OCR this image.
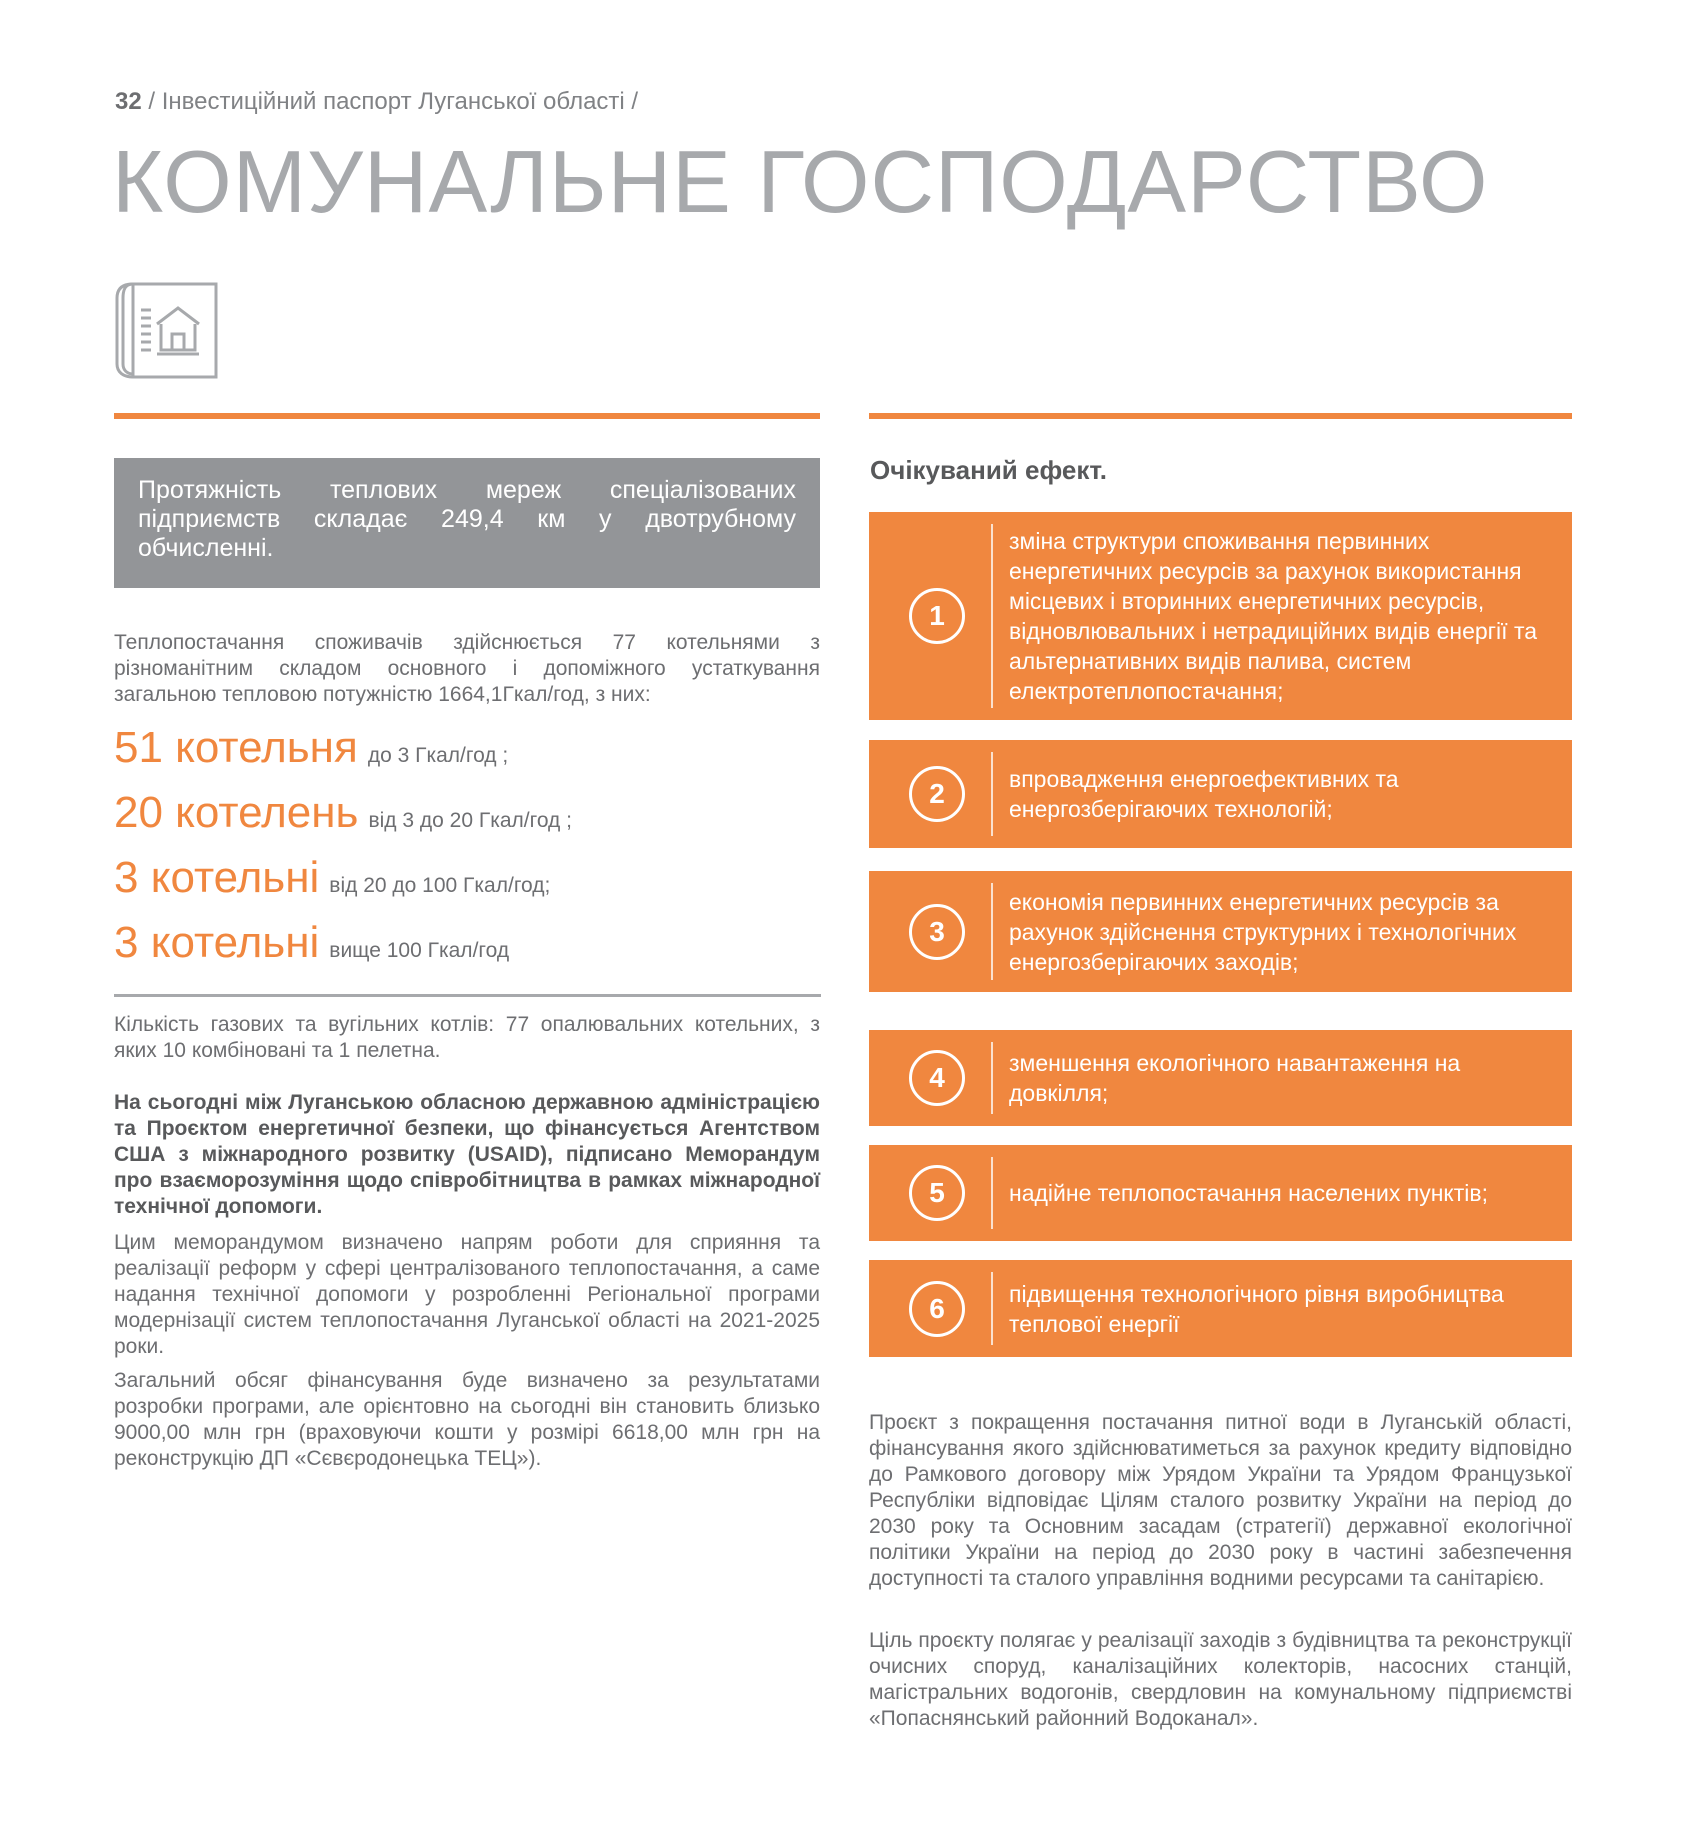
32 / Інвестиційний паспорт Луганської області /
КОМУНАЛЬНЕ ГОСПОДАРСТВО
Протяжність теплових мереж спеціалізованих підприємств складає 249,4 км у двотрубному обчисленні.
Теплопостачання споживачів здійснюється 77 котельнями з різноманітним складом основного і допоміжного устаткування загальною тепловою потужністю 1664,1Гкал/год, з них:
51 котельня до 3 Гкал/год ;
20 котелень від 3 до 20 Гкал/год ;
3 котельні від 20 до 100 Гкал/год;
3 котельні вище 100 Гкал/год
Кількість газових та вугільних котлів: 77 опалювальних котельних, з яких 10 комбіновані та 1 пелетна.
На сьогодні між Луганською обласною державною адміністрацією та Проєктом енергетичної безпеки, що фінансується Агентством США з міжнародного розвитку (USAID), підписано Меморандум про взаєморозуміння щодо співробітництва в рамках міжнародної технічної допомоги.
Цим меморандумом визначено напрям роботи для сприяння та реалізації реформ у сфері централізованого теплопостачання, а саме надання технічної допомоги у розробленні Регіональної програми модернізації систем теплопостачання Луганської області на 2021-2025 роки.
Загальний обсяг фінансування буде визначено за результатами розробки програми, але орієнтовно на сьогодні він становить близько 9000,00 млн грн (враховуючи кошти у розмірі 6618,00 млн грн на реконструкцію ДП «Сєвєродонецька ТЕЦ»).
Очікуваний ефект.
1
зміна структури споживання первинних енергетичних ресурсів за рахунок використання місцевих і вторинних енергетичних ресурсів, відновлювальних і нетрадиційних видів енергії та альтернативних видів палива, систем електротеплопостачання;
2	впровадження енергоефективних та енергозберігаючих технологій;
3
економія первинних енергетичних ресурсів за рахунок здійснення структурних і технологічних енергозберігаючих заходів;
4	зменшення екологічного навантаження на довкілля;
5	надійне теплопостачання населених пунктів;
6	підвищення технологічного рівня виробництва теплової енергії
Проєкт з покращення постачання питної води в Луганській області, фінансування якого здійснюватиметься за рахунок кредиту відповідно до Рамкового договору між Урядом України та Урядом Французької Республіки відповідає Цілям сталого розвитку України на період до 2030 року та Основним засадам (стратегії) державної екологічної політики України на період до 2030 року в частині забезпечення доступності та сталого управління водними ресурсами та санітарією.
Ціль проєкту полягає у реалізації заходів з будівництва та реконструкції очисних споруд, каналізаційних колекторів, насосних станцій, магістральних водогонів, свердловин на комунальному підприємстві «Попаснянський районний Водоканал».
